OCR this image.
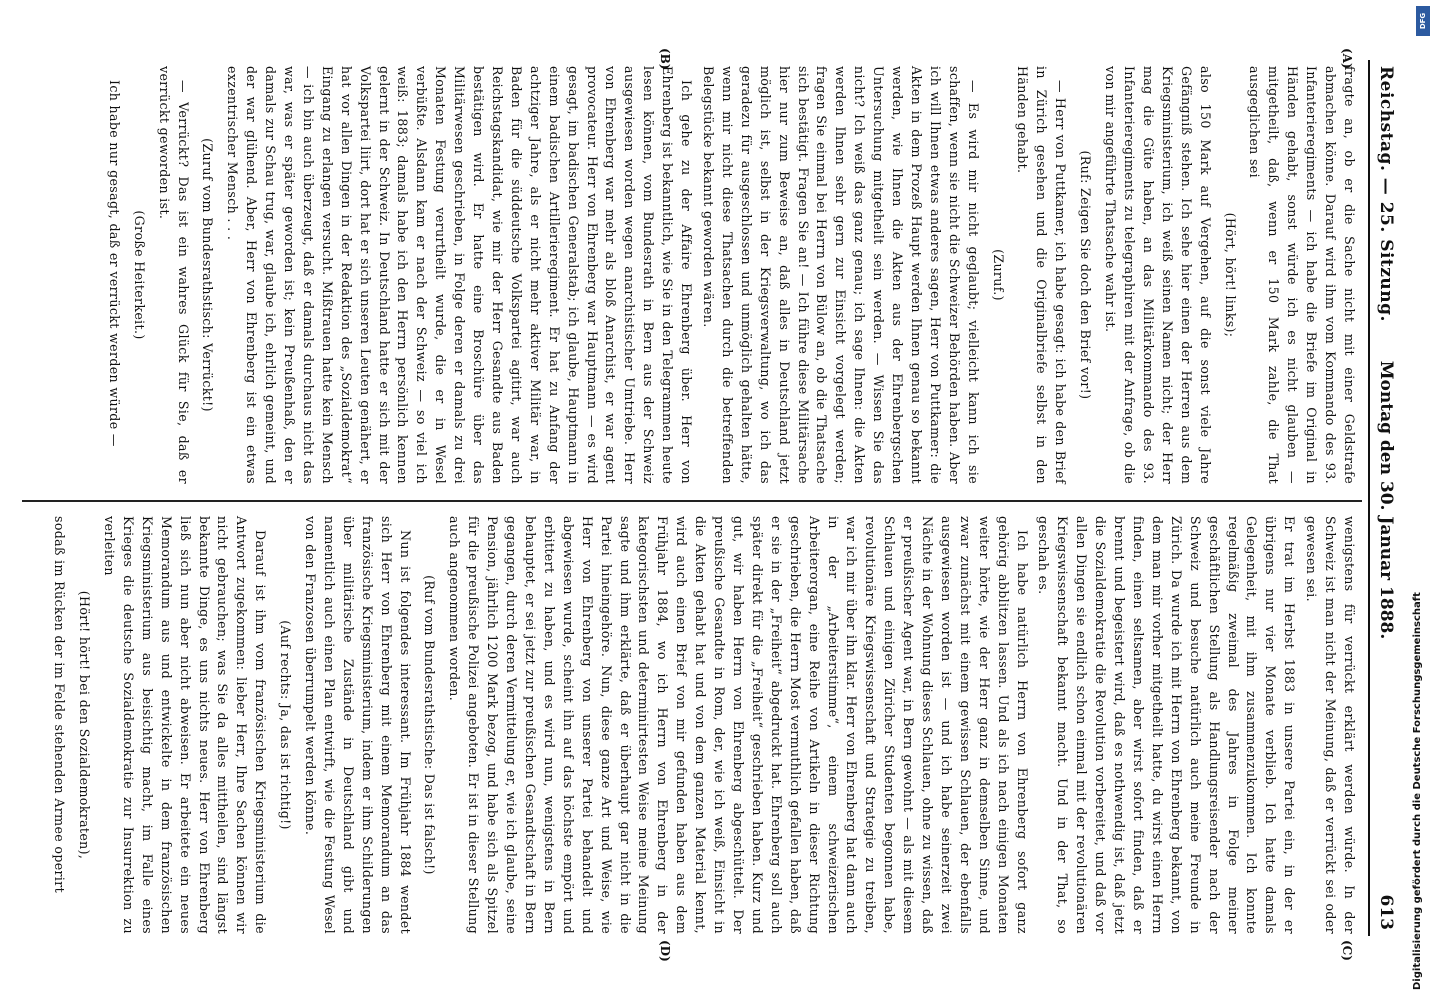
Reichstag. — 25. Sitzung.
Montag den 30. Januar 1888.
613
(A)
(B)
(C)
(D)

fragte an, ob er die Sache nicht mit einer Geldstrafe abmachen könne. Darauf wird ihm vom Kommando des 93. Infanterieregiments — ich habe die Briefe im Original in Händen gehabt, sonst würde ich es nicht glauben — mitgetheilt, daß, wenn er 150 Mark zahle, die That ausgeglichen sei

(Hört, hört! links);

also 150 Mark auf Vergehen, auf die sonst viele Jahre Gefängniß stehen. Ich sehe hier einen der Herren aus dem Kriegsministerium, ich weiß seinen Namen nicht; der Herr mag die Güte haben, an das Militärkommando des 93. Infanterieregiments zu telegraphiren mit der Anfrage, ob die von mir angeführte Thatsache wahr ist.

(Ruf: Zeigen Sie doch den Brief vor!)

— Herr von Puttkamer, ich habe gesagt: ich habe den Brief in Zürich gesehen und die Originalbriefe selbst in den Händen gehabt.

(Zuruf.)

— Es wird mir nicht geglaubt; vielleicht kann ich sie schaffen, wenn sie nicht die Schweizer Behörden haben. Aber ich will Ihnen etwas anderes sagen, Herr von Puttkamer: die Akten in dem Prozeß Haupt werden Ihnen genau so bekannt werden, wie Ihnen die Akten aus der Ehrenbergschen Untersuchung mitgetheilt sein werden. — Wissen Sie das nicht? Ich weiß das ganz genau; ich sage Ihnen: die Akten werden Ihnen sehr gern zur Einsicht vorgelegt werden; fragen Sie einmal bei Herrn von Bülow an, ob die Thatsache sich bestätigt. Fragen Sie an! — Ich führe diese Militärsache hier nur zum Beweise an, daß alles in Deutschland jetzt möglich ist, selbst in der Kriegsverwaltung, wo ich das geradezu für ausgeschlossen und unmöglich gehalten hätte, wenn mir nicht diese Thatsachen durch die betreffenden Belegstücke bekannt geworden wären.

Ich gehe zu der Affaire Ehrenberg über. Herr von Ehrenberg ist bekanntlich, wie Sie in den Telegrammen heute lesen können, vom Bundesrath in Bern aus der Schweiz ausgewiesen worden wegen anarchistischer Umtriebe. Herr von Ehrenberg war mehr als bloß Anarchist, er war agent provocateur. Herr von Ehrenberg war Hauptmann — es wird gesagt, im badischen Generalstab; ich glaube, Hauptmann in einem badischen Artillerieregiment. Er hat zu Anfang der achtziger Jahre, als er nicht mehr aktiver Militär war, in Baden für die süddeutsche Volkspartei agitirt, war auch Reichstagskandidat, wie mir der Herr Gesandte aus Baden bestätigen wird. Er hatte eine Broschüre über das Militärwesen geschrieben, in Folge deren er damals zu drei Monaten Festung verurtheilt wurde, die er in Wesel verbüßte. Alsdann kam er nach der Schweiz — so viel ich weiß: 1883; damals habe ich den Herrn persönlich kennen gelernt in der Schweiz. In Deutschland hatte er sich mit der Volkspartei liirt, dort hat er sich unseren Leuten genähert, er hat vor allen Dingen in der Redaktion des „Sozialdemokrat“ Eingang zu erlangen versucht. Mißtrauen hatte kein Mensch — ich bin auch überzeugt, daß er damals durchaus nicht das war, was er später geworden ist; kein Preußenhaß, den er damals zur Schau trug, war, glaube ich, ehrlich gemeint, und der war glühend. Aber, Herr von Ehrenberg ist ein etwas exzentrischer Mensch . . .

(Zuruf vom Bundesrathstisch: Verrückt!)

— Verrückt? Das ist ein wahres Glück für Sie, daß er verrückt geworden ist.

(Große Heiterkeit.)

Ich habe nur gesagt, daß er verrückt werden würde —

wenigstens für verrückt erklärt werden würde. In der Schweiz ist man nicht der Meinung, daß er verrückt sei oder gewesen sei.

Er trat im Herbst 1883 in unsere Partei ein, in der er übrigens nur vier Monate verblieb. Ich hatte damals Gelegenheit, mit ihm zusammenzukommen. Ich konnte regelmäßig zweimal des Jahres in Folge meiner geschäftlichen Stellung als Handlungsreisender nach der Schweiz und besuche natürlich auch meine Freunde in Zürich. Da wurde ich mit Herrn von Ehrenberg bekannt, von dem man mir vorher mitgetheilt hatte, du wirst einen Herrn finden, einen seltsamen, aber wirst sofort finden, daß er brennt und begeistert wird, daß es nothwendig ist, daß jetzt die Sozialdemokratie die Revolution vorbereitet, und daß vor allen Dingen sie endlich schon einmal mit der revolutionären Kriegswissenschaft bekannt macht. Und in der That, so geschah es.

Ich habe natürlich Herrn von Ehrenberg sofort ganz gehörig abblitzen lassen. Und als ich nach einigen Monaten weiter hörte, wie der Herr ganz in demselben Sinne, und zwar zunächst mit einem gewissen Schlauen, der ebenfalls ausgewiesen worden ist — und ich habe seinerzeit zwei Nächte in der Wohnung dieses Schlauen, ohne zu wissen, daß er preußischer Agent war, in Bern gewohnt — als mit diesem Schlauen und einigen Züricher Studenten begonnen habe, revolutionäre Kriegswissenschaft und Strategie zu treiben, war ich mir über ihn klar. Herr von Ehrenberg hat dann auch in der „Arbeiterstimme“, einem schweizerischen Arbeiterorgan, eine Reihe von Artikeln in dieser Richtung geschrieben, die Herrn Most vermuthlich gefallen haben, daß er sie in der „Freiheit“ abgedruckt hat. Ehrenberg soll auch später direkt für die „Freiheit“ geschrieben haben. Kurz und gut, wir haben Herrn von Ehrenberg abgeschüttelt. Der preußische Gesandte in Rom, der, wie ich weiß, Einsicht in die Akten gehabt hat und von dem ganzen Material kennt, wird auch einen Brief von mir gefunden haben aus dem Frühjahr 1884, wo ich Herrn von Ehrenberg in der kategorischsten und determinirtesten Weise meine Meinung sagte und ihm erklärte, daß er überhaupt gar nicht in die Partei hineingehöre. Nun, diese ganze Art und Weise, wie Herr von Ehrenberg von unserer Partei behandelt und abgewiesen wurde, scheint ihn auf das höchste empört und erbittert zu haben, und es wird nun, wenigstens in Bern behauptet, er sei jetzt zur preußischen Gesandtschaft in Bern gegangen, durch deren Vermittelung er, wie ich glaube, seine Pension, jährlich 1200 Mark bezog, und habe sich als Spitzel für die preußische Polizei angeboten. Er ist in dieser Stellung auch angenommen worden.

(Ruf vom Bundesrathstische: Das ist falsch!)

Nun ist folgendes interessant. Im Frühjahr 1884 wendet sich Herr von Ehrenberg mit einem Memorandum an das französische Kriegsministerium, indem er ihm Schilderungen über militärische Zustände in Deutschland gibt und namentlich auch einen Plan entwirft, wie die Festung Wesel von den Franzosen überrumpelt werden könne.

(Auf rechts: Ja, das ist richtig!)

Darauf ist ihm vom französischen Kriegsministerium die Antwort zugekommen: lieber Herr, Ihre Sachen können wir nicht gebrauchen; was Sie da alles mittheilen, sind längst bekannte Dinge, es uns nichts neues. Herr von Ehrenberg ließ sich nun aber nicht abweisen. Er arbeitete ein neues Memorandum aus und entwickelte in dem französischen Kriegsministerium aus beisichtig macht, im Falle eines Krieges die deutsche Sozialdemokratie zur Insurrektion zu verleiten

(Hört! hört! bei den Sozialdemokraten),

sodaß im Rücken der im Felde stehenden Armee operirt	Digitalisierung gefördert durch die Deutsche Forschungsgemeinschaft
DFG
